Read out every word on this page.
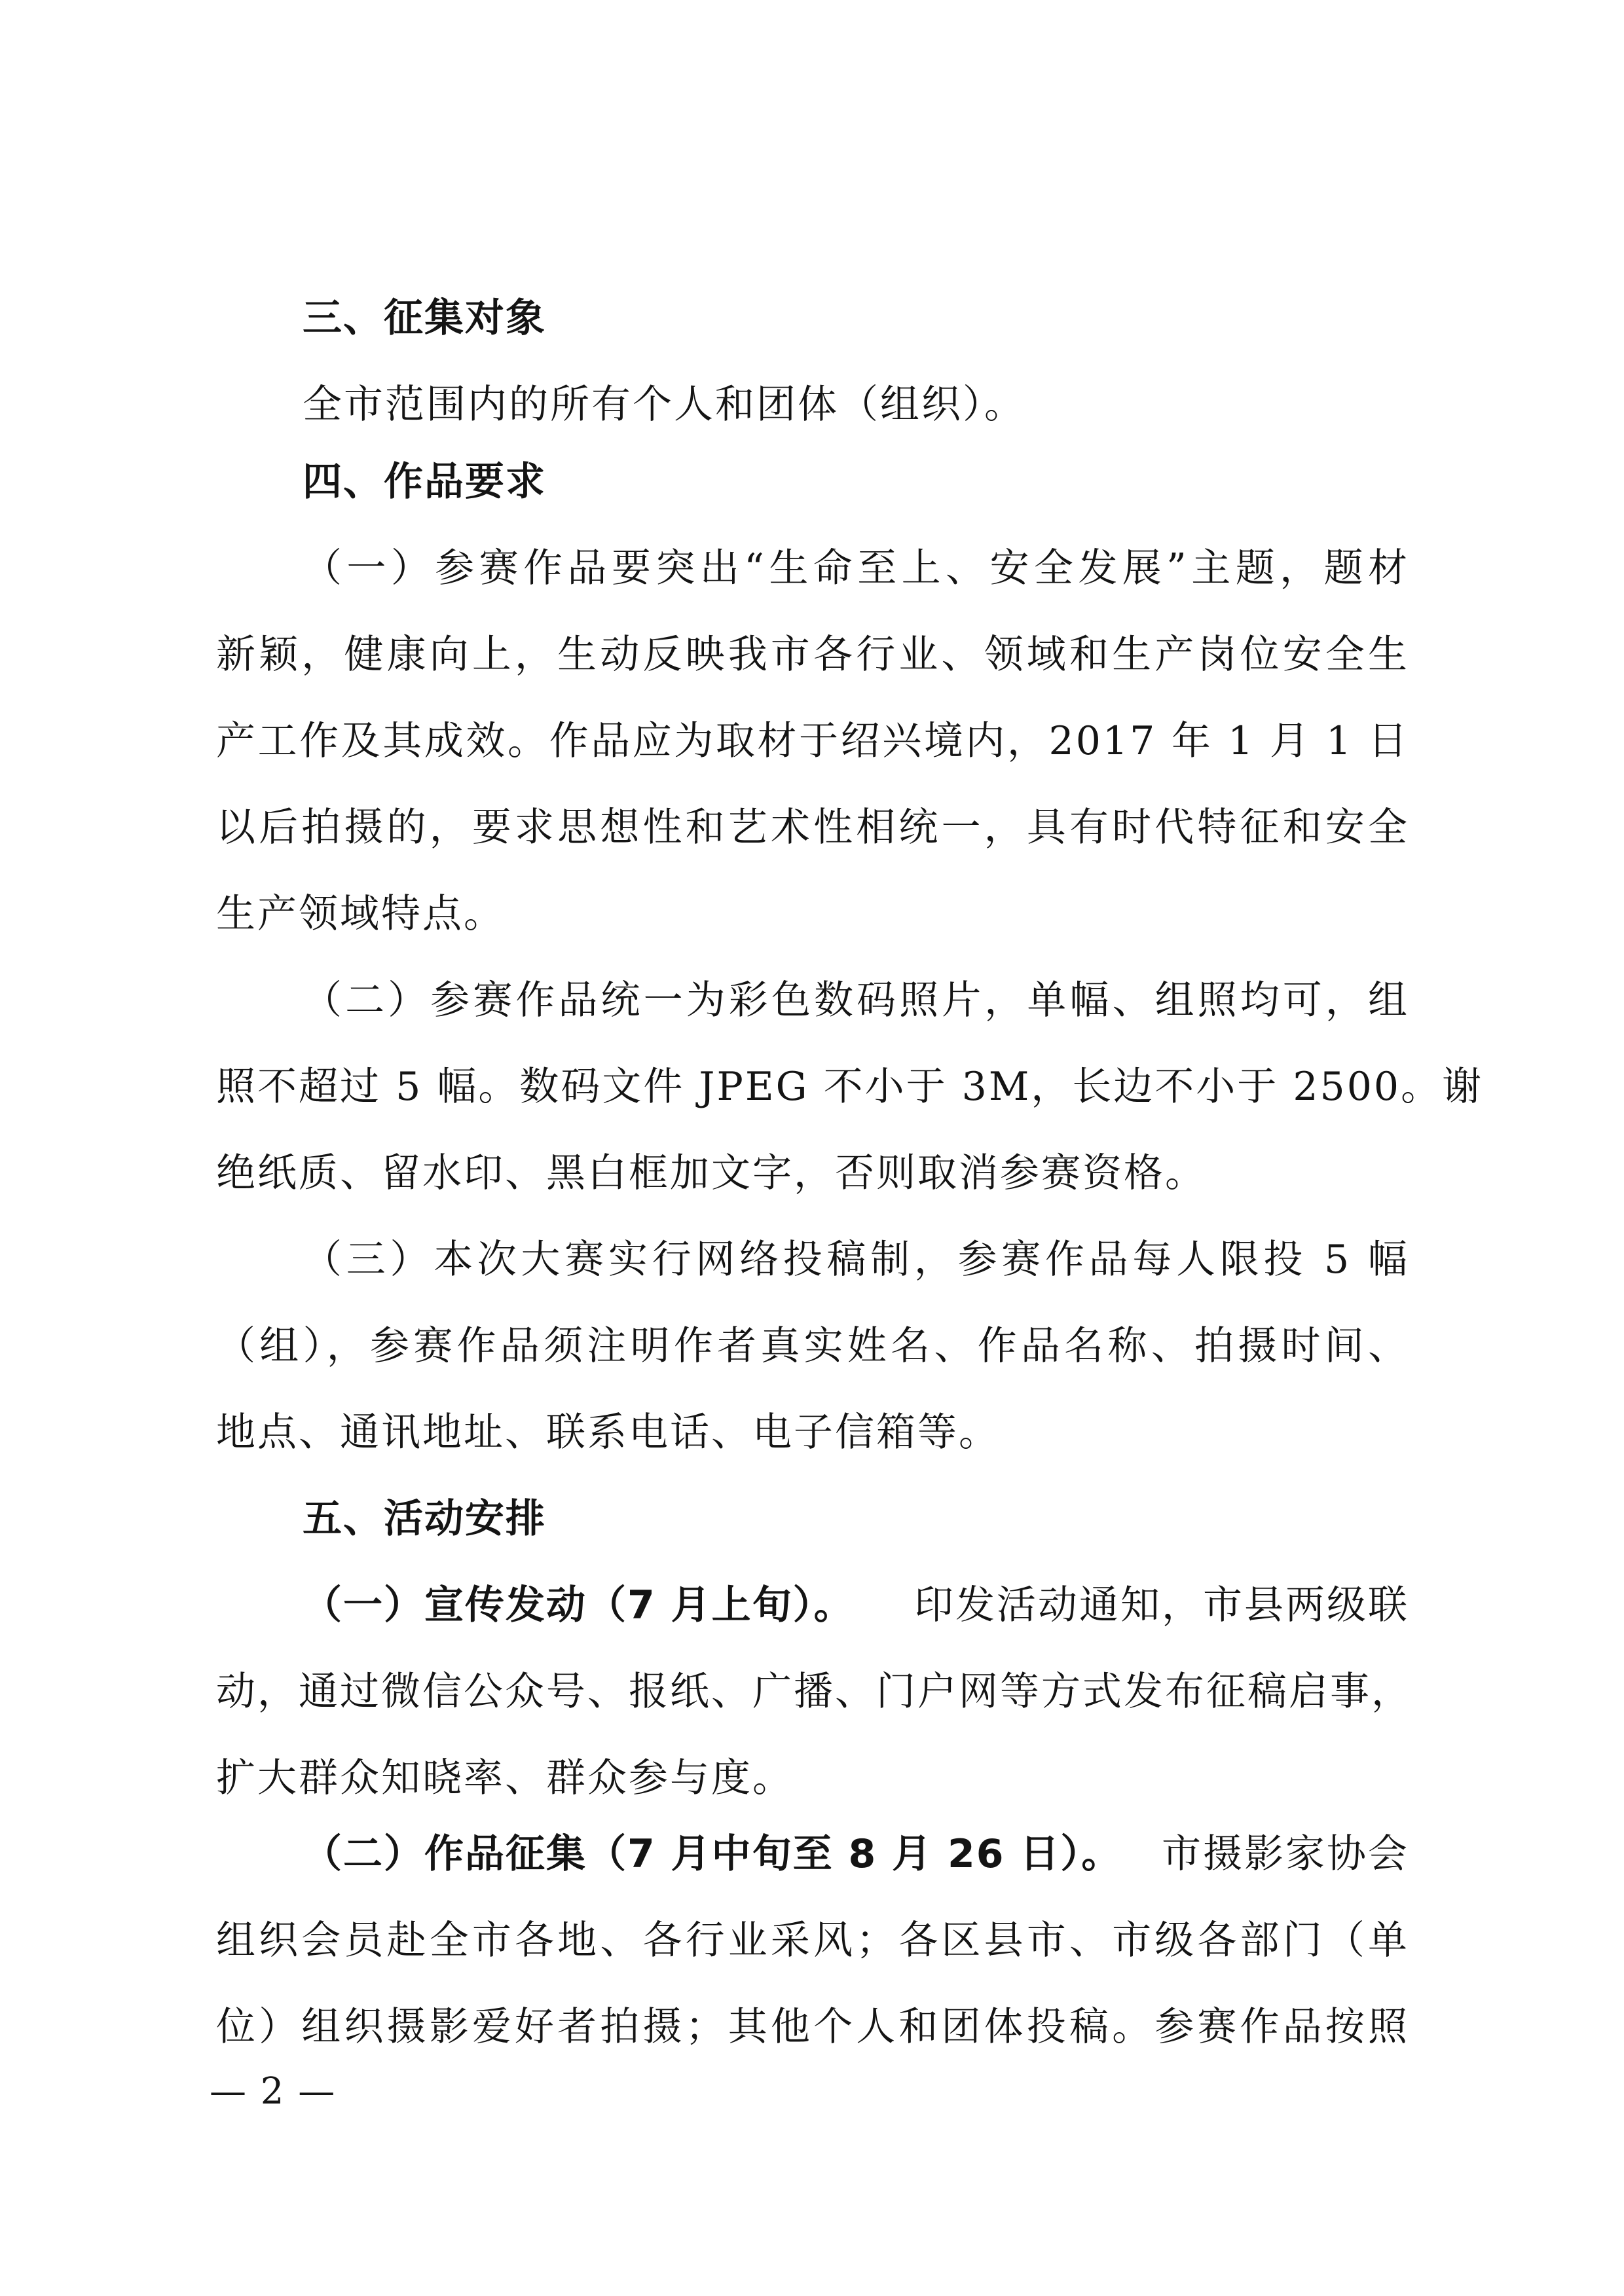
三、征集对象
全市范围内的所有个人和团体（组织）。
四、作品要求
（一）参赛作品要突出“生命至上、安全发展”主题，题材
新颖，健康向上，生动反映我市各行业、领域和生产岗位安全生
产工作及其成效。作品应为取材于绍兴境内，2017 年 1 月 1 日
以后拍摄的，要求思想性和艺术性相统一，具有时代特征和安全
生产领域特点。
（二）参赛作品统一为彩色数码照片，单幅、组照均可，组
照不超过 5 幅。数码文件 JPEG 不小于 3M，长边不小于 2500。谢
绝纸质、留水印、黑白框加文字，否则取消参赛资格。
（三）本次大赛实行网络投稿制，参赛作品每人限投 5 幅
（组），参赛作品须注明作者真实姓名、作品名称、拍摄时间、
地点、通讯地址、联系电话、电子信箱等。
五、活动安排
（一）宣传发动（7 月上旬）。 印发活动通知，市县两级联
动，通过微信公众号、报纸、广播、门户网等方式发布征稿启事，
扩大群众知晓率、群众参与度。
（二）作品征集（7 月中旬至 8 月 26 日）。 市摄影家协会
组织会员赴全市各地、各行业采风；各区县市、市级各部门（单
位）组织摄影爱好者拍摄；其他个人和团体投稿。参赛作品按照
— 2 —
